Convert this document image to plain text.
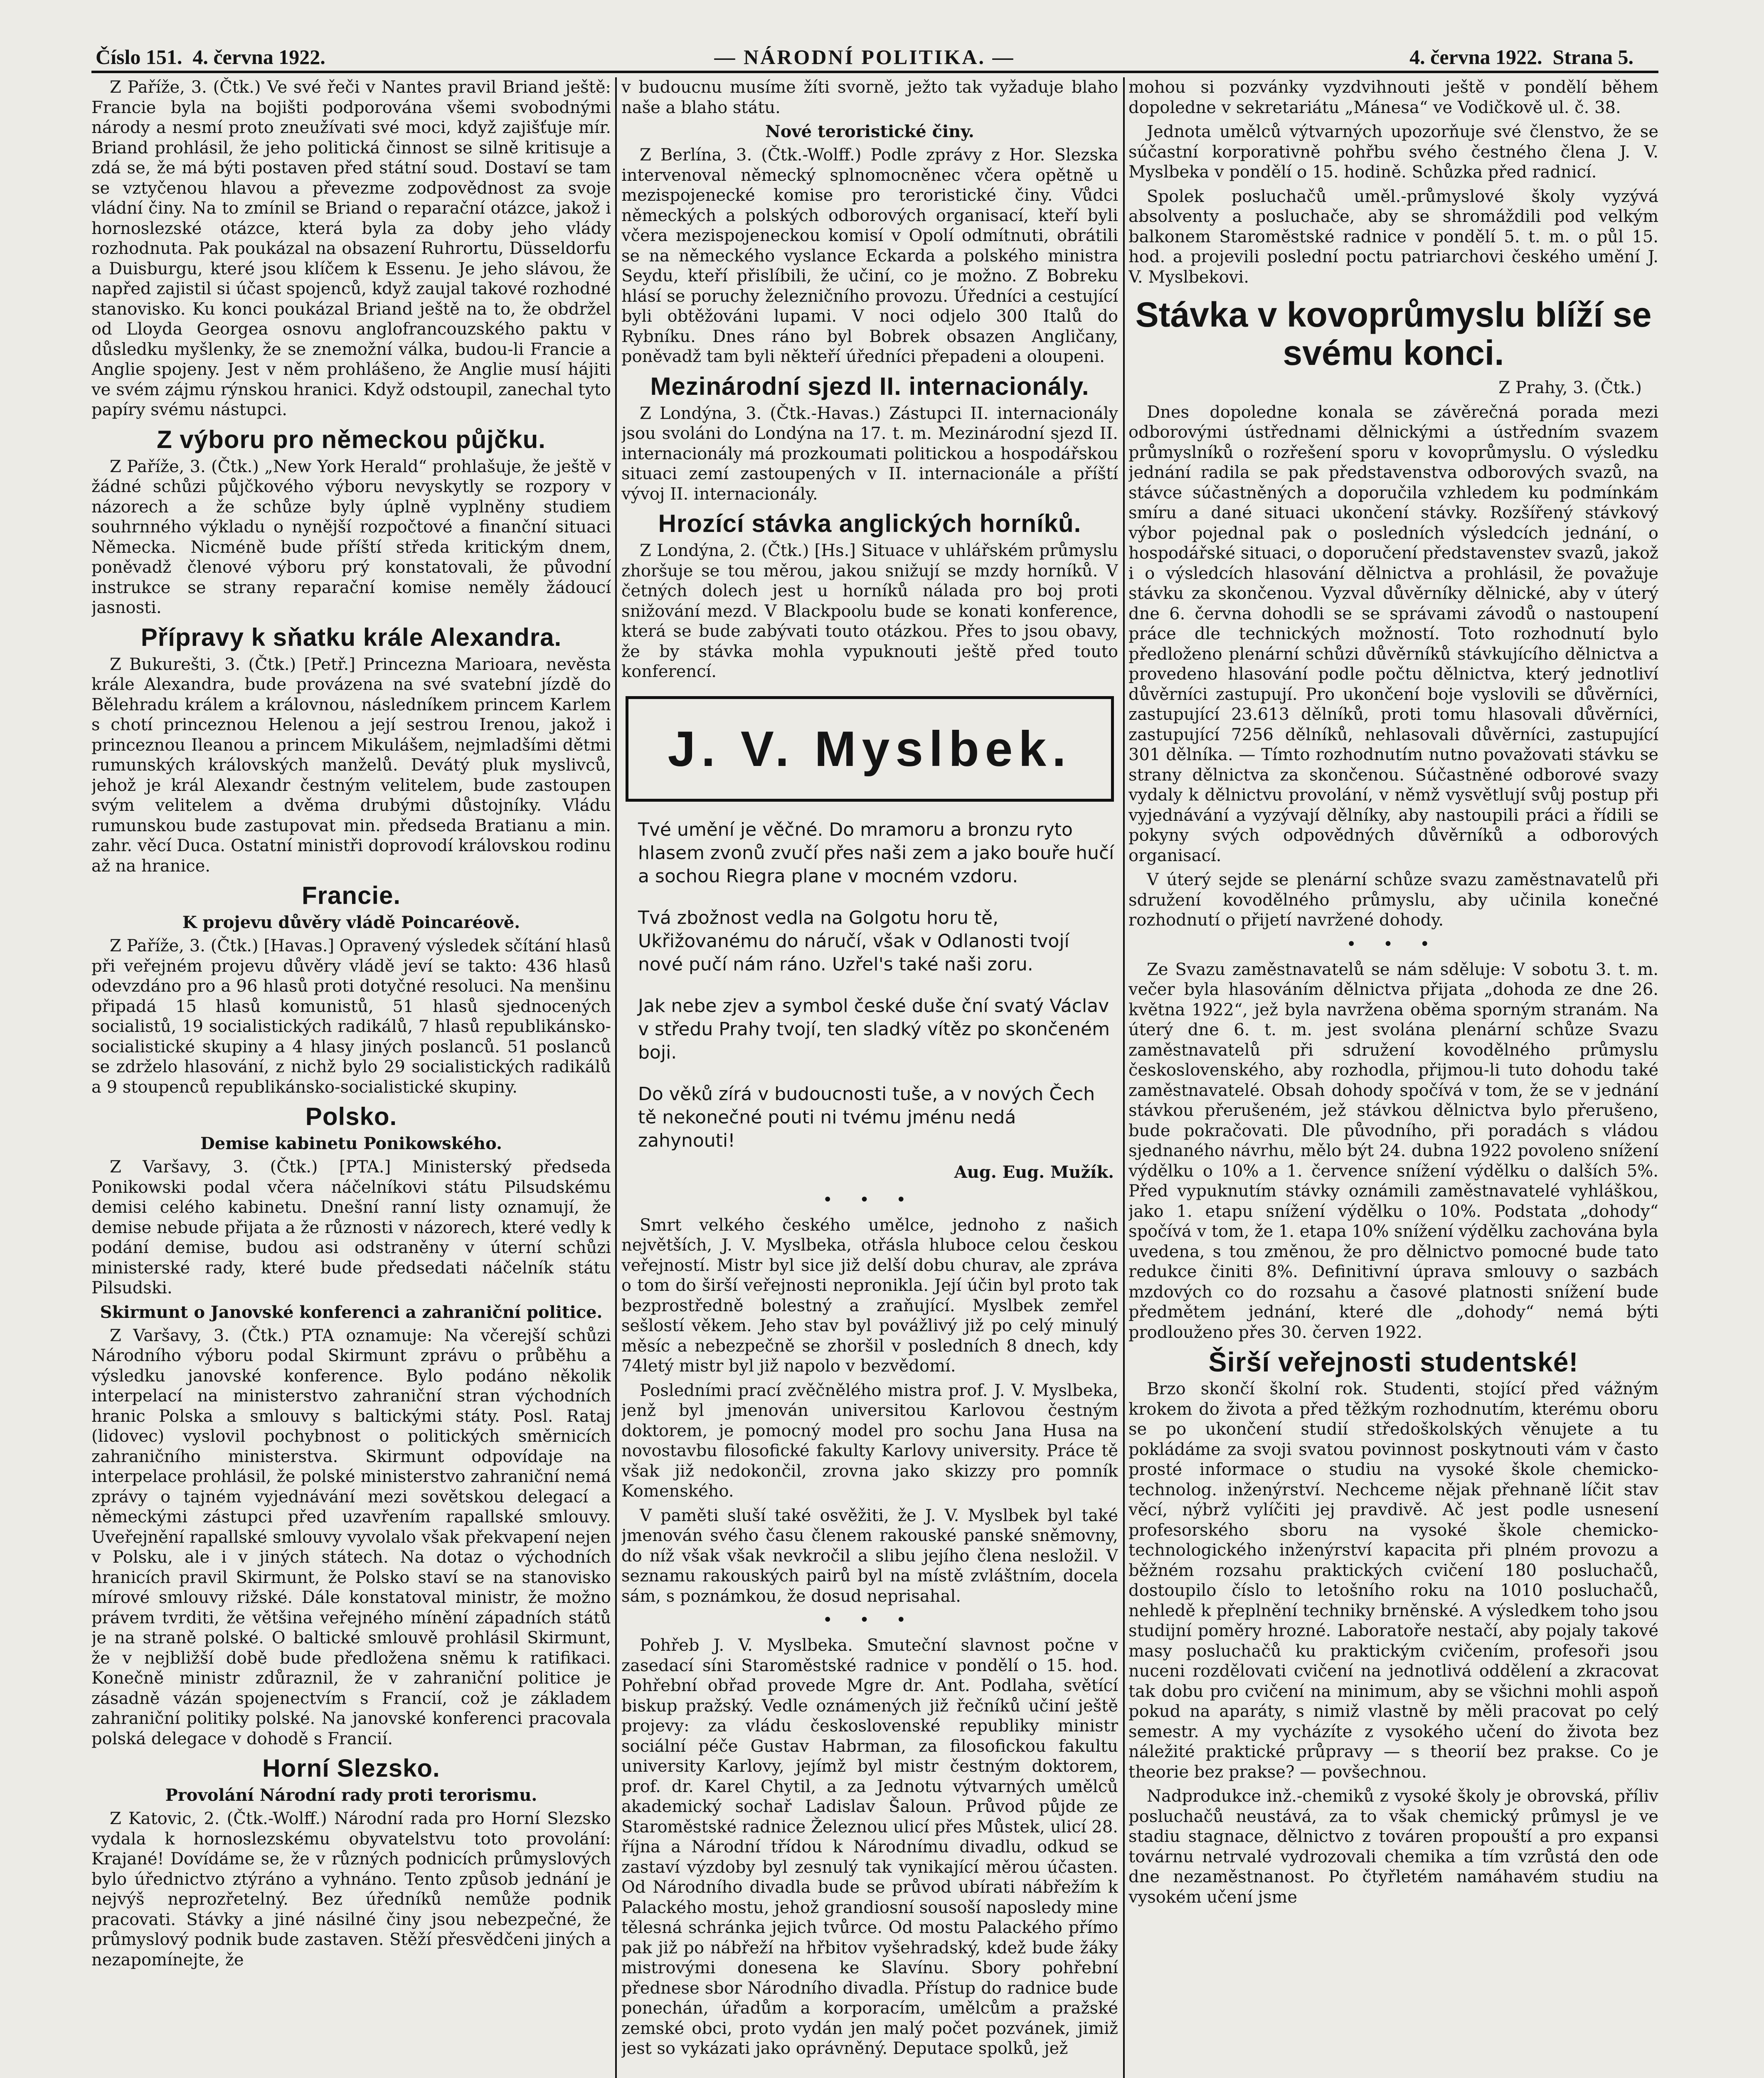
Číslo 151. 4. června 1922.	— NÁRODNÍ POLITIKA. —	4. června 1922. Strana 5.

Z Paříže, 3. (Čtk.) Ve své řeči v Nantes pravil Briand ještě: Francie byla na bojišti podporována všemi svobodnými národy a nesmí proto zneužívati své moci, když zajišťuje mír. Briand prohlásil, že jeho politická činnost se silně kritisuje a zdá se, že má býti postaven před státní soud. Dostaví se tam se vztyčenou hlavou a převezme zodpovědnost za svoje vládní činy. Na to zmínil se Briand o reparační otázce, jakož i hornoslezské otázce, která byla za doby jeho vlády rozhodnuta. Pak poukázal na obsazení Ruhrortu, Düsseldorfu a Duisburgu, které jsou klíčem k Essenu. Je jeho slávou, že napřed zajistil si účast spojenců, když zaujal takové rozhodné stanovisko. Ku konci poukázal Briand ještě na to, že obdržel od Lloyda Georgea osnovu anglofrancouzského paktu v důsledku myšlenky, že se znemožní válka, budou-li Francie a Anglie spojeny. Jest v něm prohlášeno, že Anglie musí hájiti ve svém zájmu rýnskou hranici. Když odstoupil, zanechal tyto papíry svému nástupci.

Z výboru pro německou půjčku.

Z Paříže, 3. (Čtk.) „New York Herald“ prohlašuje, že ještě v žádné schůzi půjčkového výboru nevyskytly se rozpory v názorech a že schůze byly úplně vyplněny studiem souhrnného výkladu o nynější rozpočtové a finanční situaci Německa. Nicméně bude příští středa kritickým dnem, poněvadž členové výboru prý konstatovali, že původní instrukce se strany reparační komise neměly žádoucí jasnosti.

Přípravy k sňatku krále Alexandra.

Z Bukurešti, 3. (Čtk.) [Petř.] Princezna Marioara, nevěsta krále Alexandra, bude provázena na své svatební jízdě do Bělehradu králem a královnou, následníkem princem Karlem s chotí princeznou Helenou a její sestrou Irenou, jakož i princeznou Ileanou a princem Mikulášem, nejmladšími dětmi rumunských královských manželů. Devátý pluk myslivců, jehož je král Alexandr čestným velitelem, bude zastoupen svým velitelem a dvěma drubými důstojníky. Vládu rumunskou bude zastupovat min. předseda Bratianu a min. zahr. věcí Duca. Ostatní ministři doprovodí královskou rodinu až na hranice.

Francie.
K projevu důvěry vládě Poincaréově.

Z Paříže, 3. (Čtk.) [Havas.] Opravený výsledek sčítání hlasů při veřejném projevu důvěry vládě jeví se takto: 436 hlasů odevzdáno pro a 96 hlasů proti dotyčné resoluci. Na menšinu připadá 15 hlasů komunistů, 51 hlasů sjednocených socialistů, 19 socialistických radikálů, 7 hlasů republikánsko-socialistické skupiny a 4 hlasy jiných poslanců. 51 poslanců se zdrželo hlasování, z nichž bylo 29 socialistických radikálů a 9 stoupenců republikánsko-socialistické skupiny.

Polsko.
Demise kabinetu Ponikowského.

Z Varšavy, 3. (Čtk.) [PTA.] Ministerský předseda Ponikowski podal včera náčelníkovi státu Pilsudskému demisi celého kabinetu. Dnešní ranní listy oznamují, že demise nebude přijata a že různosti v názorech, které vedly k podání demise, budou asi odstraněny v úterní schůzi ministerské rady, které bude předsedati náčelník státu Pilsudski.

Skirmunt o Janovské konferenci a zahraniční politice.

Z Varšavy, 3. (Čtk.) PTA oznamuje: Na včerejší schůzi Národního výboru podal Skirmunt zprávu o průběhu a výsledku janovské konference. Bylo podáno několik interpelací na ministerstvo zahraniční stran východních hranic Polska a smlouvy s baltickými státy. Posl. Rataj (lidovec) vyslovil pochybnost o politických směrnicích zahraničního ministerstva. Skirmunt odpovídaje na interpelace prohlásil, že polské ministerstvo zahraniční nemá zprávy o tajném vyjednávání mezi sovětskou delegací a německými zástupci před uzavřením rapallské smlouvy. Uveřejnění rapallské smlouvy vyvolalo však překvapení nejen v Polsku, ale i v jiných státech. Na dotaz o východních hranicích pravil Skirmunt, že Polsko staví se na stanovisko mírové smlouvy rižské. Dále konstatoval ministr, že možno právem tvrditi, že většina veřejného mínění západních států je na straně polské. O baltické smlouvě prohlásil Skirmunt, že v nejbližší době bude předložena sněmu k ratifikaci. Konečně ministr zdůraznil, že v zahraniční politice je zásadně vázán spojenectvím s Francií, což je základem zahraniční politiky polské. Na janovské konferenci pracovala polská delegace v dohodě s Francií.

Horní Slezsko.
Provolání Národní rady proti terorismu.

Z Katovic, 2. (Čtk.-Wolff.) Národní rada pro Horní Slezsko vydala k hornoslezskému obyvatelstvu toto provolání: Krajané! Dovídáme se, že v různých podnicích průmyslových bylo úřednictvo ztýráno a vyhnáno. Tento způsob jednání je nejvýš neprozřetelný. Bez úředníků nemůže podnik pracovati. Stávky a jiné násilné činy jsou nebezpečné, že průmyslový podnik bude zastaven. Stěží přesvědčeni jiných a nezapomínejte, že

v budoucnu musíme žíti svorně, ježto tak vyžaduje blaho naše a blaho státu.

Nové teroristické činy.

Z Berlína, 3. (Čtk.-Wolff.) Podle zprávy z Hor. Slezska intervenoval německý splnomocněnec včera opětně u mezispojenecké komise pro teroristické činy. Vůdci německých a polských odborových organisací, kteří byli včera mezispojeneckou komisí v Opolí odmítnuti, obrátili se na německého vyslance Eckarda a polského ministra Seydu, kteří přislíbili, že učiní, co je možno. Z Bobreku hlásí se poruchy železničního provozu. Úředníci a cestující byli obtěžováni lupami. V noci odjelo 300 Italů do Rybníku. Dnes ráno byl Bobrek obsazen Angličany, poněvadž tam byli někteří úředníci přepadeni a oloupeni.

Mezinárodní sjezd II. internacionály.

Z Londýna, 3. (Čtk.-Havas.) Zástupci II. internacionály jsou svoláni do Londýna na 17. t. m. Mezinárodní sjezd II. internacionály má prozkoumati politickou a hospodářskou situaci zemí zastoupených v II. internacionále a příští vývoj II. internacionály.

Hrozící stávka anglických horníků.

Z Londýna, 2. (Čtk.) [Hs.] Situace v uhlářském průmyslu zhoršuje se tou měrou, jakou snižují se mzdy horníků. V četných dolech jest u horníků nálada pro boj proti snižování mezd. V Blackpoolu bude se konati konference, která se bude zabývati touto otázkou. Přes to jsou obavy, že by stávka mohla vypuknouti ještě před touto konferencí.

J. V. Myslbek.

Tvé umění je věčné. Do mramoru a bronzu ryto hlasem zvonů zvučí přes naši zem a jako bouře hučí a sochou Riegra plane v mocném vzdoru.

Tvá zbožnost vedla na Golgotu horu tě, Ukřižovanému do náručí, však v Odlanosti tvojí nové pučí nám ráno. Uzřel's také naši zoru.

Jak nebe zjev a symbol české duše ční svatý Václav v středu Prahy tvojí, ten sladký vítěz po skončeném boji.

Do věků zírá v budoucnosti tuše, a v nových Čech tě nekonečné pouti ni tvému jménu nedá zahynouti!

Aug. Eug. Mužík.
• • •

Smrt velkého českého umělce, jednoho z našich největších, J. V. Myslbeka, otřásla hluboce celou českou veřejností. Mistr byl sice již delší dobu churav, ale zpráva o tom do širší veřejnosti nepronikla. Její účin byl proto tak bezprostředně bolestný a zraňující. Myslbek zemřel sešlostí věkem. Jeho stav byl povážlivý již po celý minulý měsíc a nebezpečně se zhoršil v posledních 8 dnech, kdy 74letý mistr byl již napolo v bezvědomí.

Posledními prací zvěčnělého mistra prof. J. V. Myslbeka, jenž byl jmenován universitou Karlovou čestným doktorem, je pomocný model pro sochu Jana Husa na novostavbu filosofické fakulty Karlovy university. Práce tě však již nedokončil, zrovna jako skizzy pro pomník Komenského.

V paměti sluší také osvěžiti, že J. V. Myslbek byl také jmenován svého času členem rakouské panské sněmovny, do níž však však nevkročil a slibu jejího člena nesložil. V seznamu rakouských pairů byl na místě zvláštním, docela sám, s poznámkou, že dosud neprisahal.

• • •

Pohřeb J. V. Myslbeka. Smuteční slavnost počne v zasedací síni Staroměstské radnice v pondělí o 15. hod. Pohřební obřad provede Mgre dr. Ant. Podlaha, světící biskup pražský. Vedle oznámených již řečníků učiní ještě projevy: za vládu československé republiky ministr sociální péče Gustav Habrman, za filosofickou fakultu university Karlovy, jejímž byl mistr čestným doktorem, prof. dr. Karel Chytil, a za Jednotu výtvarných umělců akademický sochař Ladislav Šaloun. Průvod půjde ze Staroměstské radnice Železnou ulicí přes Můstek, ulicí 28. října a Národní třídou k Národnímu divadlu, odkud se zastaví výzdoby byl zesnulý tak vynikající měrou účasten. Od Národního divadla bude se průvod ubírati nábřežím k Palackého mostu, jehož grandiosní sousoší naposledy mine tělesná schránka jejich tvůrce. Od mostu Palackého přímo pak již po nábřeží na hřbitov vyšehradský, kdež bude žáky mistrovými donesena ke Slavínu. Sbory pohřební přednese sbor Národního divadla. Přístup do radnice bude ponechán, úřadům a korporacím, umělcům a pražské zemské obci, proto vydán jen malý počet pozvánek, jimiž jest so vykázati jako oprávněný. Deputace spolků, jež

mohou si pozvánky vyzdvihnouti ještě v pondělí během dopoledne v sekretariátu „Mánesa“ ve Vodičkově ul. č. 38.

Jednota umělců výtvarných upozorňuje své členstvo, že se súčastní korporativně pohřbu svého čestného člena J. V. Myslbeka v pondělí o 15. hodině. Schůzka před radnicí.

Spolek posluchačů uměl.-průmyslové školy vyzývá absolventy a posluchače, aby se shromáždili pod velkým balkonem Staroměstské radnice v pondělí 5. t. m. o půl 15. hod. a projevili poslední poctu patriarchovi českého umění J. V. Myslbekovi.

Stávka v kovoprůmyslu blíží se svému konci.

Z Prahy, 3. (Čtk.)

Dnes dopoledne konala se závěrečná porada mezi odborovými ústřednami dělnickými a ústředním svazem průmyslníků o rozřešení sporu v kovoprůmyslu. O výsledku jednání radila se pak představenstva odborových svazů, na stávce súčastněných a doporučila vzhledem ku podmínkám smíru a dané situaci ukončení stávky. Rozšířený stávkový výbor pojednal pak o posledních výsledcích jednání, o hospodářské situaci, o doporučení představenstev svazů, jakož i o výsledcích hlasování dělnictva a prohlásil, že považuje stávku za skončenou. Vyzval důvěrníky dělnické, aby v úterý dne 6. června dohodli se se správami závodů o nastoupení práce dle technických možností. Toto rozhodnutí bylo předloženo plenární schůzi důvěrníků stávkujícího dělnictva a provedeno hlasování podle počtu dělnictva, který jednotliví důvěrníci zastupují. Pro ukončení boje vyslovili se důvěrníci, zastupující 23.613 dělníků, proti tomu hlasovali důvěrníci, zastupující 7256 dělníků, nehlasovali důvěrníci, zastupující 301 dělníka. — Tímto rozhodnutím nutno považovati stávku se strany dělnictva za skončenou. Súčastněné odborové svazy vydaly k dělnictvu provolání, v němž vysvětlují svůj postup při vyjednávání a vyzývají dělníky, aby nastoupili práci a řídili se pokyny svých odpovědných důvěrníků a odborových organisací.

V úterý sejde se plenární schůze svazu zaměstnavatelů při sdružení kovodělného průmyslu, aby učinila konečné rozhodnutí o přijetí navržené dohody.

• • •

Ze Svazu zaměstnavatelů se nám sděluje: V sobotu 3. t. m. večer byla hlasováním dělnictva přijata „dohoda ze dne 26. května 1922“, jež byla navržena oběma sporným stranám. Na úterý dne 6. t. m. jest svolána plenární schůze Svazu zaměstnavatelů při sdružení kovodělného průmyslu československého, aby rozhodla, přijmou-li tuto dohodu také zaměstnavatelé. Obsah dohody spočívá v tom, že se v jednání stávkou přerušeném, jež stávkou dělnictva bylo přerušeno, bude pokračovati. Dle původního, při poradách s vládou sjednaného návrhu, mělo být 24. dubna 1922 povoleno snížení výdělku o 10% a 1. července snížení výdělku o dalších 5%. Před vypuknutím stávky oznámili zaměstnavatelé vyhláškou, jako 1. etapu snížení výdělku o 10%. Podstata „dohody“ spočívá v tom, že 1. etapa 10% snížení výdělku zachována byla uvedena, s tou změnou, že pro dělnictvo pomocné bude tato redukce činiti 8%. Definitivní úprava smlouvy o sazbách mzdových co do rozsahu a časové platnosti snížení bude předmětem jednání, které dle „dohody“ nemá býti prodlouženo přes 30. červen 1922.

Širší veřejnosti studentské!

Brzo skončí školní rok. Studenti, stojící před vážným krokem do života a před těžkým rozhodnutím, kterému oboru se po ukončení studií středoškolských věnujete a tu pokládáme za svoji svatou povinnost poskytnouti vám v často prosté informace o studiu na vysoké škole chemicko-technolog. inženýrství. Nechceme nějak přehnaně líčit stav věcí, nýbrž vylíčiti jej pravdivě. Ač jest podle usnesení profesorského sboru na vysoké škole chemicko-technologického inženýrství kapacita při plném provozu a běžném rozsahu praktických cvičení 180 posluchačů, dostoupilo číslo to letošního roku na 1010 posluchačů, nehledě k přeplnění techniky brněnské. A výsledkem toho jsou studijní poměry hrozné. Laboratoře nestačí, aby pojaly takové masy posluchačů ku praktickým cvičením, profesoři jsou nuceni rozdělovati cvičení na jednotlivá oddělení a zkracovat tak dobu pro cvičení na minimum, aby se všichni mohli aspoň pokud na aparáty, s nimiž vlastně by měli pracovat po celý semestr. A my vycházíte z vysokého učení do života bez náležité praktické průpravy — s theorií bez prakse. Co je theorie bez prakse? — povšechnou.

Nadprodukce inž.-chemiků z vysoké školy je obrovská, příliv posluchačů neustává, za to však chemický průmysl je ve stadiu stagnace, dělnictvo z továren propouští a pro expansi továrnu netrvalé vydrozovali chemika a tím vzrůstá den ode dne nezaměstnanost. Po čtyřletém namáhavém studiu na vysokém učení jsme
